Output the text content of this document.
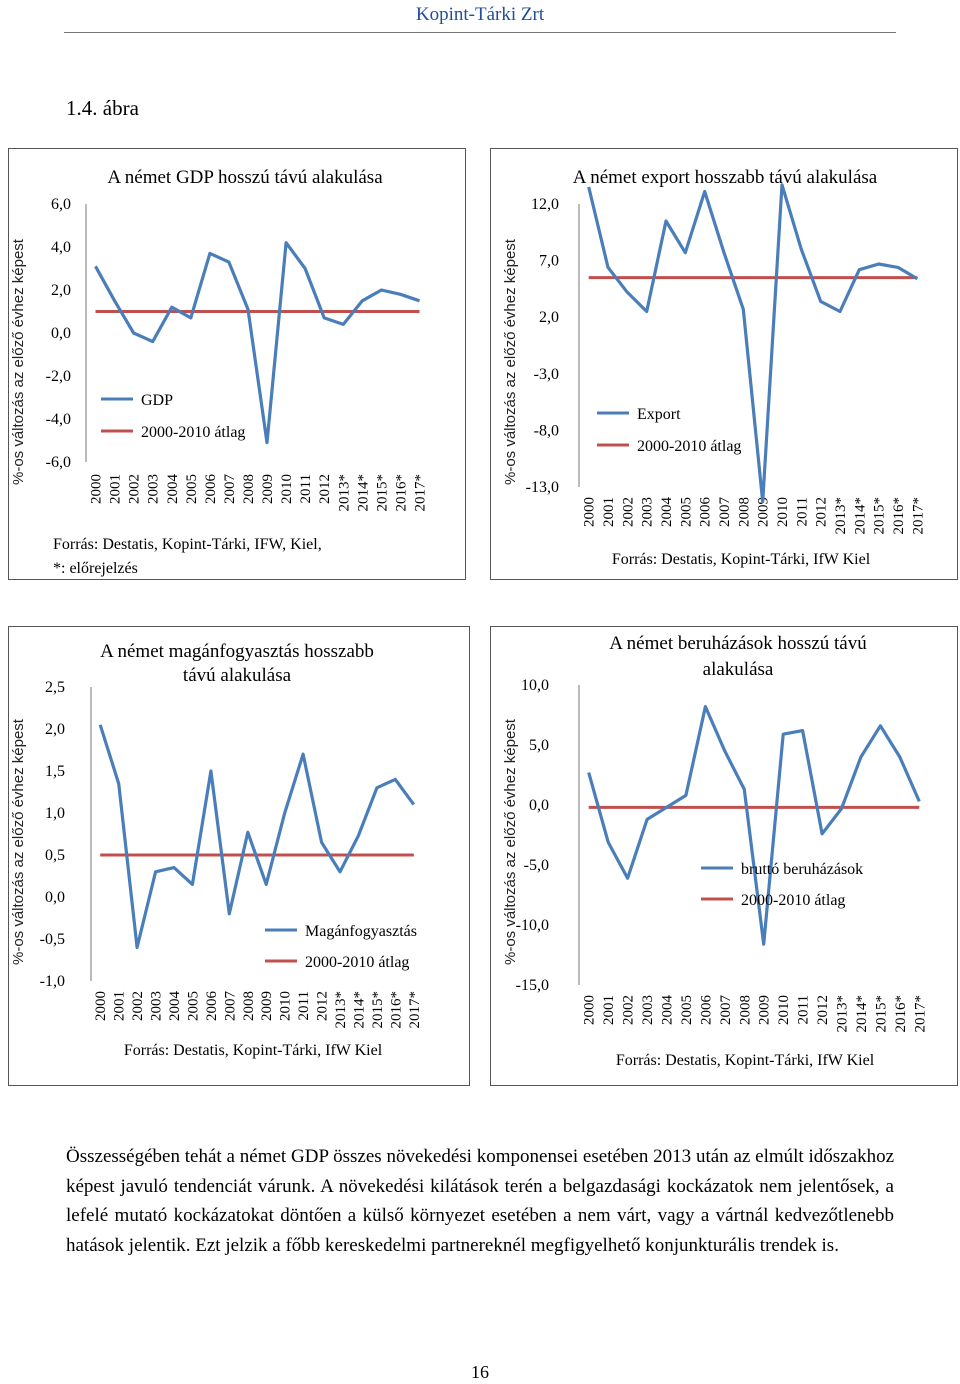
Kopint-Tárki Zrt
1.4. ábra
A német GDP hosszú távú alakulása
6,0
4,0
2,0
0,0
-2,0
-4,0
-6,0
2000 2001 2002 2003 2004 2005 2006 2007 2008 2009 2010 2011 2012 2013* 2014* 2015* 2016* 2017*
GDP
2000-2010 átlag
Forrás: Destatis, Kopint-Tárki, IFW, Kiel,
*: előrejelzés
%-os változás az előző évhez képest
A német export hosszabb távú alakulása
12,0
7,0
2,0
-3,0
-8,0
-13,0
2000 2001 2002 2003 2004 2005 2006 2007 2008 2009 2010 2011 2012 2013* 2014* 2015* 2016* 2017*
Export
2000-2010 átlag
Forrás: Destatis, Kopint-Tárki, IfW Kiel
%-os változás az előző évhez képest
A német magánfogyasztás hosszabb
távú alakulása
2,5
2,0
1,5
1,0
0,5
0,0
-0,5
-1,0
2000 2001 2002 2003 2004 2005 2006 2007 2008 2009 2010 2011 2012 2013* 2014* 2015* 2016* 2017*
Magánfogyasztás
2000-2010 átlag
Forrás: Destatis, Kopint-Tárki, IfW Kiel
%-os változás az előző évhez képest
A német beruházások hosszú távú
alakulása
10,0
5,0
0,0
-5,0
-10,0
-15,0
2000 2001 2002 2003 2004 2005 2006 2007 2008 2009 2010 2011 2012 2013* 2014* 2015* 2016* 2017*
bruttó beruházások
2000-2010 átlag
Forrás: Destatis, Kopint-Tárki, IfW Kiel
%-os változás az előző évhez képest
Összességében tehát a német GDP összes növekedési komponensei esetében 2013 után az elmúlt időszakhoz képest javuló tendenciát várunk. A növekedési kilátások terén a belgazdasági kockázatok nem jelentősek, a lefelé mutató kockázatokat döntően a külső környezet esetében a nem várt, vagy a vártnál kedvezőtlenebb hatások jelentik. Ezt jelzik a főbb kereskedelmi partnereknél megfigyelhető konjunkturális trendek is.
16
